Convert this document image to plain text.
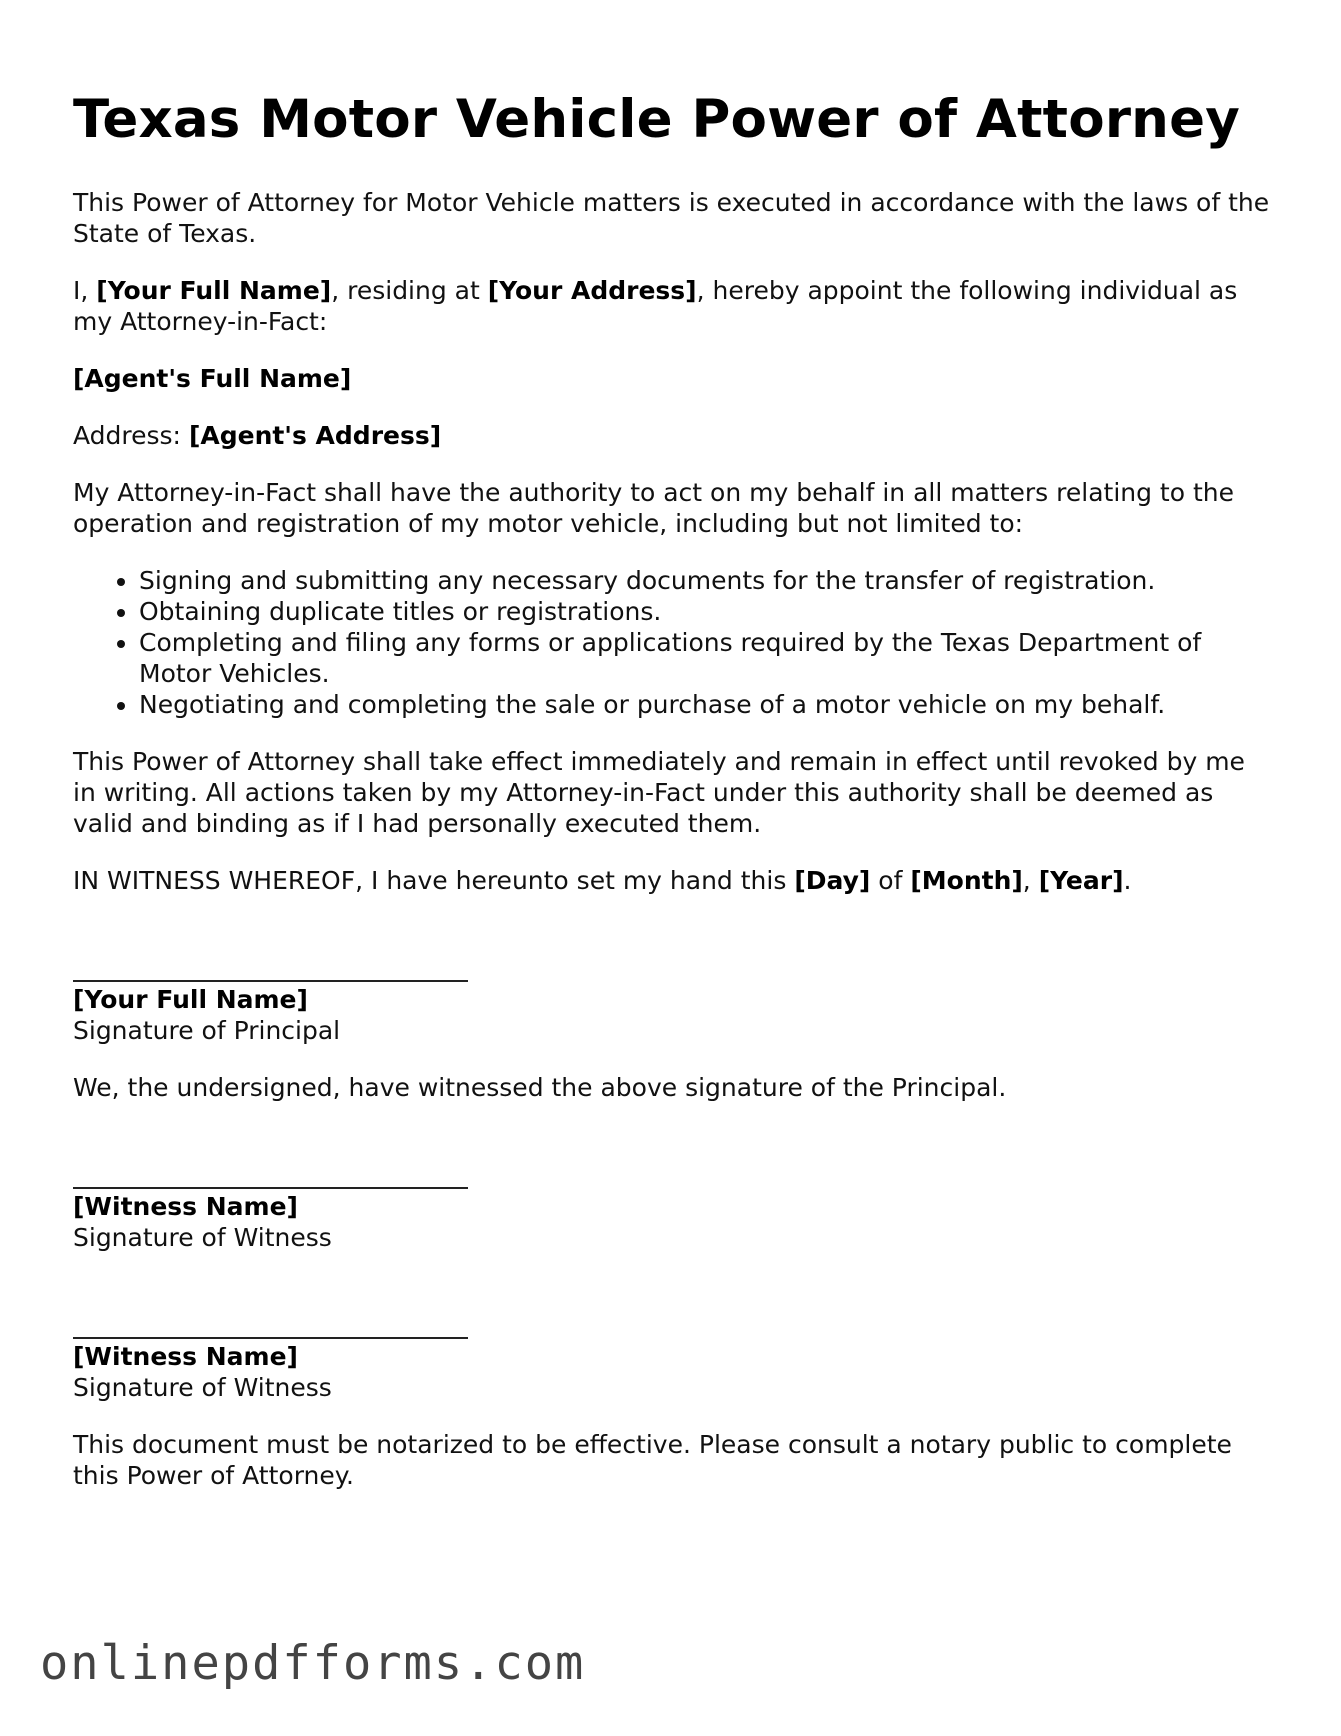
Texas Motor Vehicle Power of Attorney

This Power of Attorney for Motor Vehicle matters is executed in accordance with the laws of the State of Texas.

I, [Your Full Name], residing at [Your Address], hereby appoint the following individual as my Attorney-in-Fact:

[Agent's Full Name]

Address: [Agent's Address]

My Attorney-in-Fact shall have the authority to act on my behalf in all matters relating to the operation and registration of my motor vehicle, including but not limited to:

• Signing and submitting any necessary documents for the transfer of registration.
• Obtaining duplicate titles or registrations.
• Completing and filing any forms or applications required by the Texas Department of Motor Vehicles.
• Negotiating and completing the sale or purchase of a motor vehicle on my behalf.

This Power of Attorney shall take effect immediately and remain in effect until revoked by me in writing. All actions taken by my Attorney-in-Fact under this authority shall be deemed as valid and binding as if I had personally executed them.

IN WITNESS WHEREOF, I have hereunto set my hand this [Day] of [Month], [Year].

[Your Full Name]
Signature of Principal

We, the undersigned, have witnessed the above signature of the Principal.

[Witness Name]
Signature of Witness
[Witness Name]
Signature of Witness

This document must be notarized to be effective. Please consult a notary public to complete this Power of Attorney.

onlinepdfforms.com
